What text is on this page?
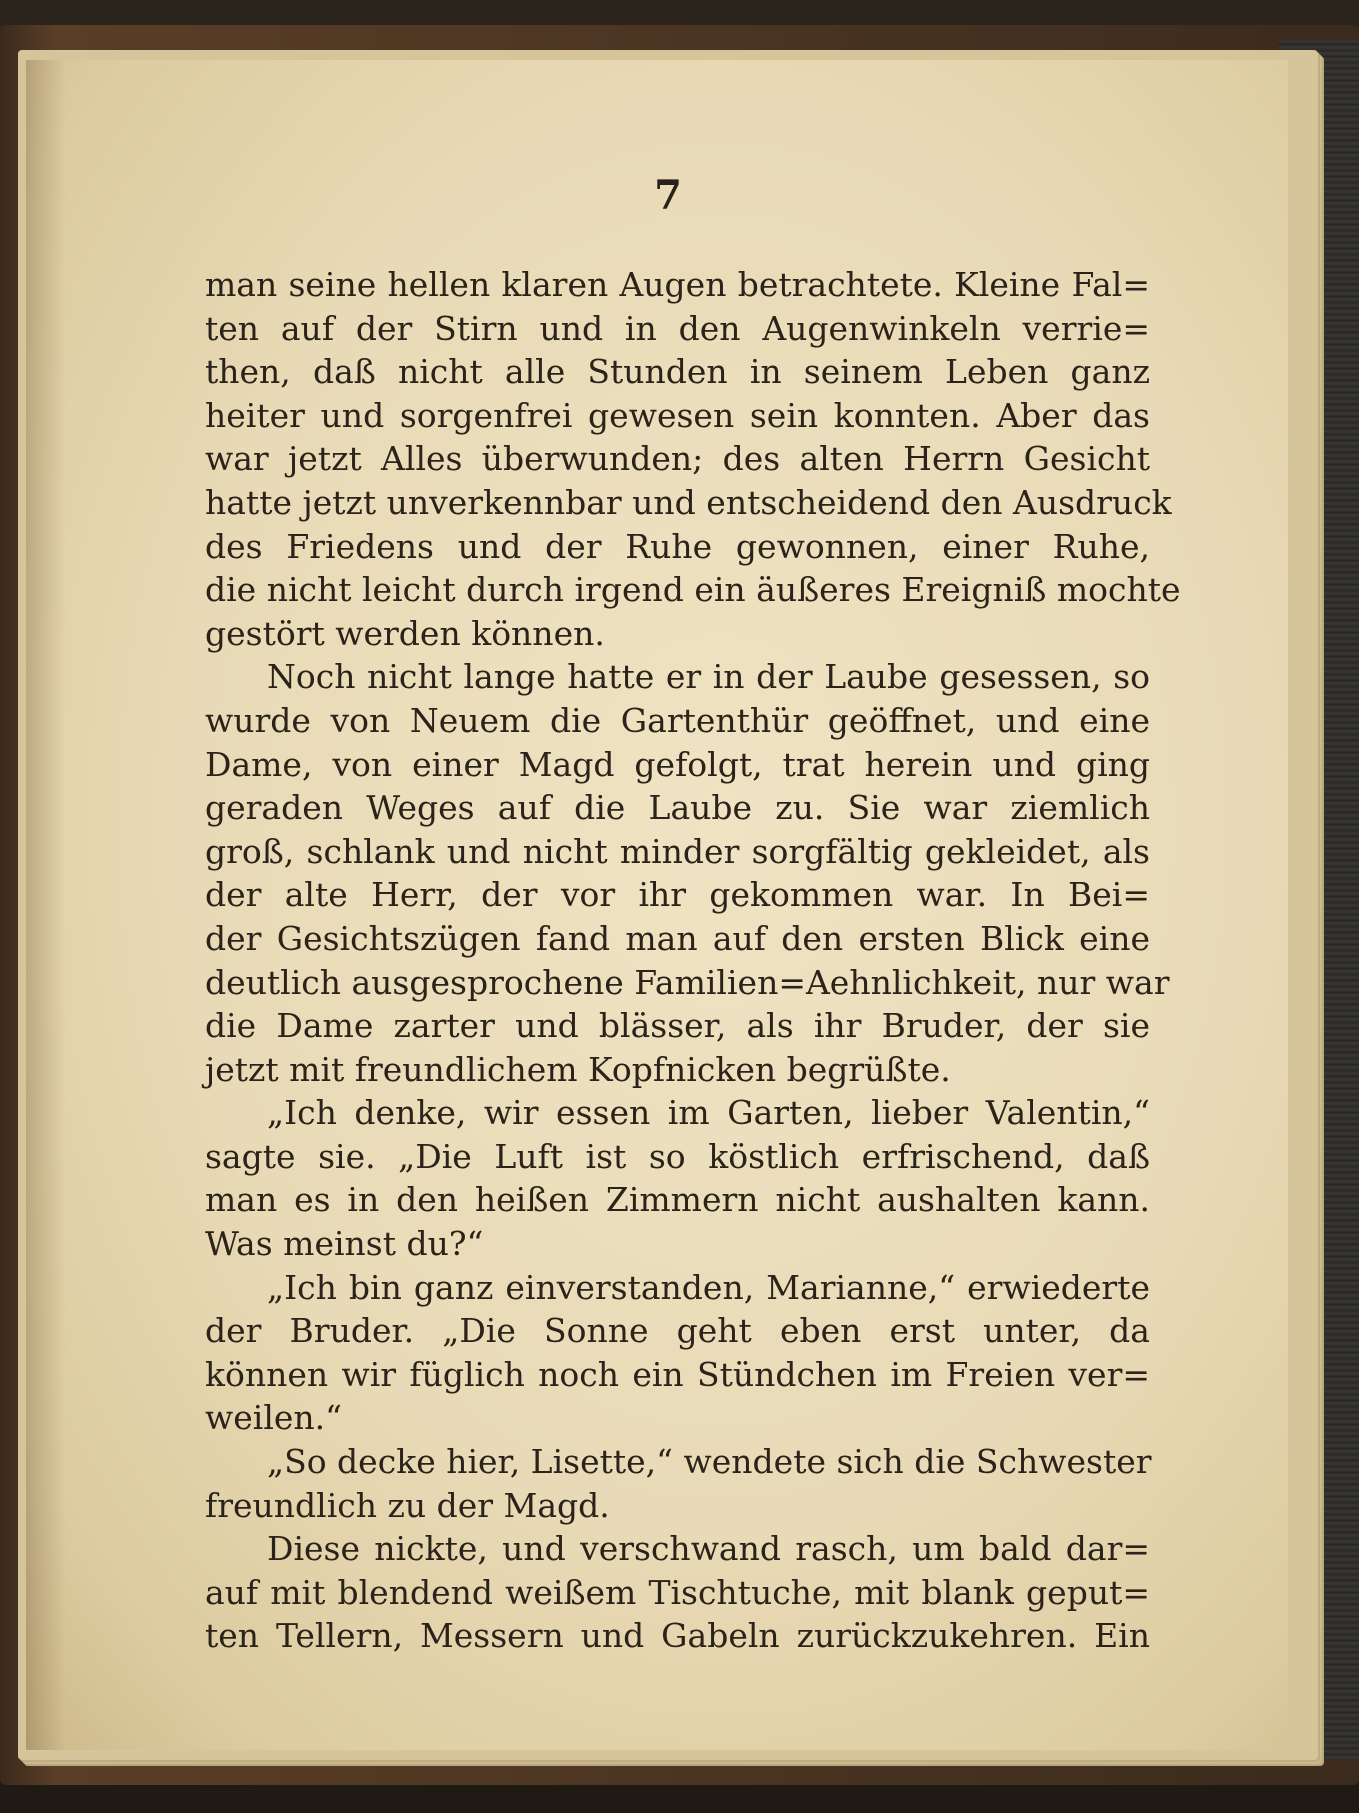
7
man seine hellen klaren Augen betrachtete. Kleine Fal=
ten auf der Stirn und in den Augenwinkeln verrie=
then, daß nicht alle Stunden in seinem Leben ganz
heiter und sorgenfrei gewesen sein konnten. Aber das
war jetzt Alles überwunden; des alten Herrn Gesicht
hatte jetzt unverkennbar und entscheidend den Ausdruck
des Friedens und der Ruhe gewonnen, einer Ruhe,
die nicht leicht durch irgend ein äußeres Ereigniß mochte
gestört werden können.
Noch nicht lange hatte er in der Laube gesessen, so
wurde von Neuem die Gartenthür geöffnet, und eine
Dame, von einer Magd gefolgt, trat herein und ging
geraden Weges auf die Laube zu. Sie war ziemlich
groß, schlank und nicht minder sorgfältig gekleidet, als
der alte Herr, der vor ihr gekommen war. In Bei=
der Gesichtszügen fand man auf den ersten Blick eine
deutlich ausgesprochene Familien=Aehnlichkeit, nur war
die Dame zarter und blässer, als ihr Bruder, der sie
jetzt mit freundlichem Kopfnicken begrüßte.
„Ich denke, wir essen im Garten, lieber Valentin,“
sagte sie. „Die Luft ist so köstlich erfrischend, daß
man es in den heißen Zimmern nicht aushalten kann.
Was meinst du?“
„Ich bin ganz einverstanden, Marianne,“ erwiederte
der Bruder. „Die Sonne geht eben erst unter, da
können wir füglich noch ein Stündchen im Freien ver=
weilen.“
„So decke hier, Lisette,“ wendete sich die Schwester
freundlich zu der Magd.
Diese nickte, und verschwand rasch, um bald dar=
auf mit blendend weißem Tischtuche, mit blank geput=
ten Tellern, Messern und Gabeln zurückzukehren. Ein
